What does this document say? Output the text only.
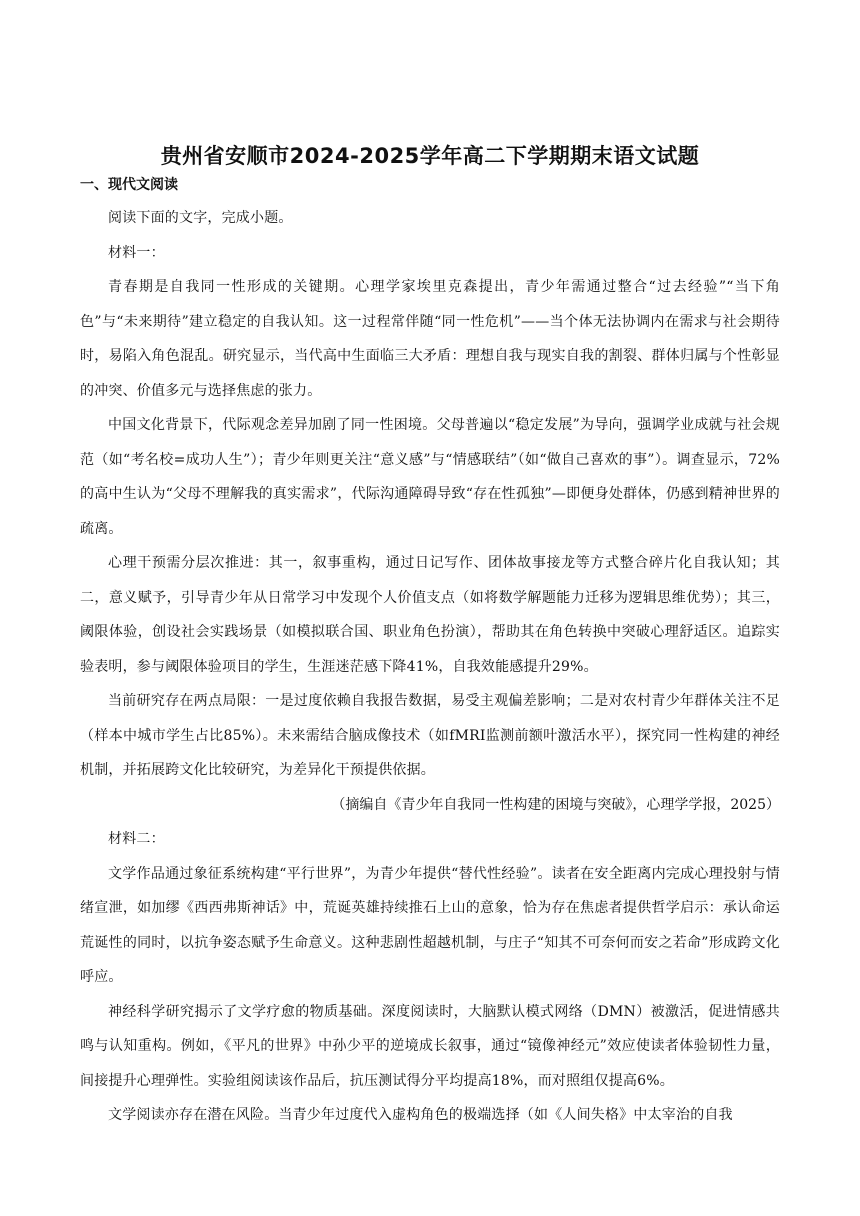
贵州省安顺市2024-2025学年高二下学期期末语文试题
一、现代文阅读

阅读下面的文字，完成小题。

材料一：

青春期是自我同一性形成的关键期。心理学家埃里克森提出，青少年需通过整合“过去经验”“当下角色”与“未来期待”建立稳定的自我认知。这一过程常伴随“同一性危机”——当个体无法协调内在需求与社会期待时，易陷入角色混乱。研究显示，当代高中生面临三大矛盾：理想自我与现实自我的割裂、群体归属与个性彰显的冲突、价值多元与选择焦虑的张力。

中国文化背景下，代际观念差异加剧了同一性困境。父母普遍以“稳定发展”为导向，强调学业成就与社会规范（如“考名校=成功人生”）；青少年则更关注“意义感”与“情感联结”（如“做自己喜欢的事”）。调查显示，72%的高中生认为“父母不理解我的真实需求”，代际沟通障碍导致“存在性孤独”—即便身处群体，仍感到精神世界的疏离。

心理干预需分层次推进：其一，叙事重构，通过日记写作、团体故事接龙等方式整合碎片化自我认知；其二，意义赋予，引导青少年从日常学习中发现个人价值支点（如将数学解题能力迁移为逻辑思维优势）；其三，阈限体验，创设社会实践场景（如模拟联合国、职业角色扮演），帮助其在角色转换中突破心理舒适区。追踪实验表明，参与阈限体验项目的学生，生涯迷茫感下降41%，自我效能感提升29%。

当前研究存在两点局限：一是过度依赖自我报告数据，易受主观偏差影响；二是对农村青少年群体关注不足（样本中城市学生占比85%）。未来需结合脑成像技术（如fMRI监测前额叶激活水平），探究同一性构建的神经机制，并拓展跨文化比较研究，为差异化干预提供依据。

（摘编自《青少年自我同一性构建的困境与突破》，心理学学报，2025）

材料二：

文学作品通过象征系统构建“平行世界”，为青少年提供“替代性经验”。读者在安全距离内完成心理投射与情绪宣泄，如加缪《西西弗斯神话》中，荒诞英雄持续推石上山的意象，恰为存在焦虑者提供哲学启示：承认命运荒诞性的同时，以抗争姿态赋予生命意义。这种悲剧性超越机制，与庄子“知其不可奈何而安之若命”形成跨文化呼应。

神经科学研究揭示了文学疗愈的物质基础。深度阅读时，大脑默认模式网络（DMN）被激活，促进情感共鸣与认知重构。例如，《平凡的世界》中孙少平的逆境成长叙事，通过“镜像神经元”效应使读者体验韧性力量，间接提升心理弹性。实验组阅读该作品后，抗压测试得分平均提高18%，而对照组仅提高6%。

文学阅读亦存在潜在风险。当青少年过度代入虚构角色的极端选择（如《人间失格》中太宰治的自我
